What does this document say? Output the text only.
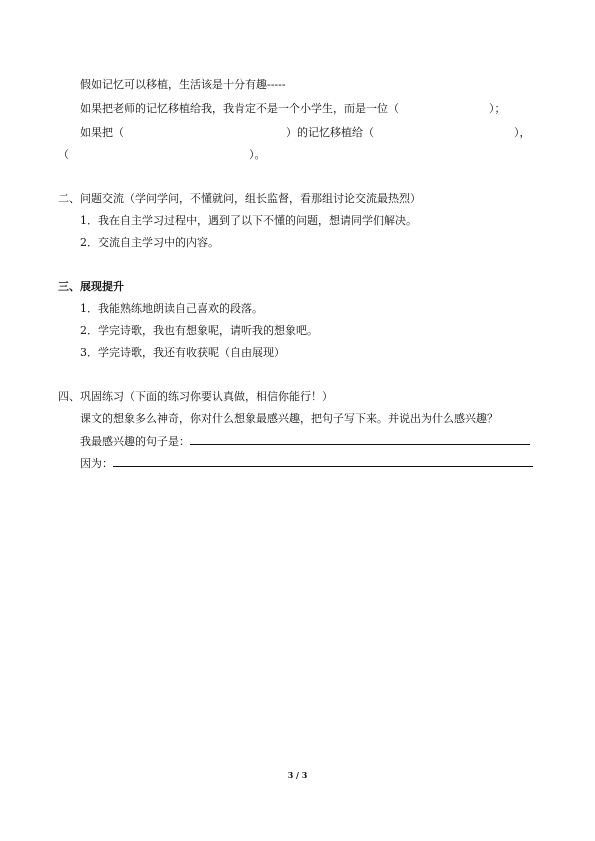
假如记忆可以移植，生活该是十分有趣-----
如果把老师的记忆移植给我，我肯定不是一个小学生，而是一位（	）；
如果把（	）的记忆移植给（	），
（	）。
二、问题交流（学问学问，不懂就问，组长监督，看那组讨论交流最热烈）
1．我在自主学习过程中，遇到了以下不懂的问题，想请同学们解决。
2．交流自主学习中的内容。
三、展现提升
1．我能熟练地朗读自己喜欢的段落。
2．学完诗歌，我也有想象呢，请听我的想象吧。
3．学完诗歌，我还有收获呢（自由展现）
四、巩固练习（下面的练习你要认真做，相信你能行！）
课文的想象多么神奇，你对什么想象最感兴趣，把句子写下来。并说出为什么感兴趣？
我最感兴趣的句子是：
因为：
3 / 3
